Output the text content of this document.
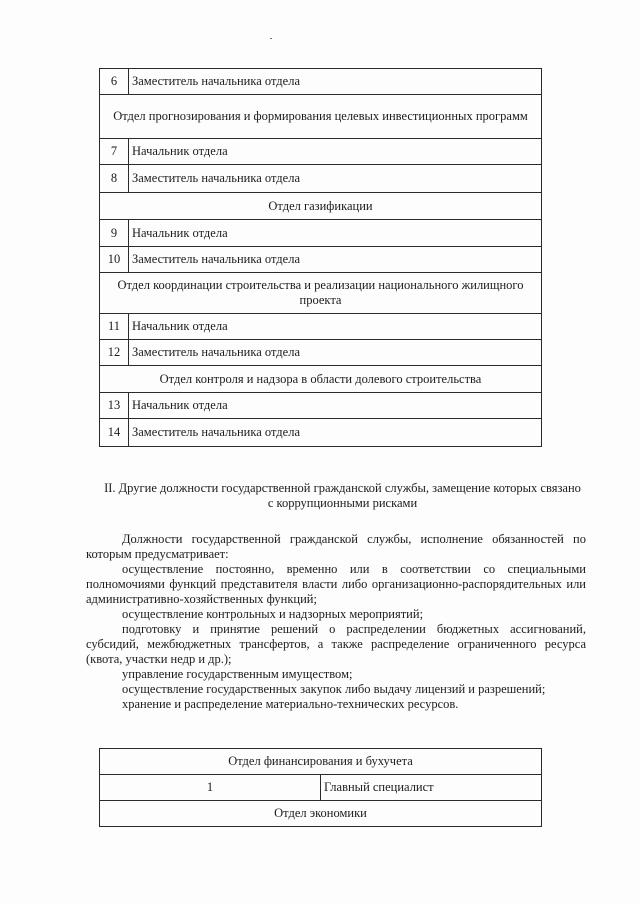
6	Заместитель начальника отдела
Отдел прогнозирования и формирования целевых инвестиционных программ	
7	Начальник отдела
8	Заместитель начальника отдела
Отдел газификации	
9	Начальник отдела
10	Заместитель начальника отдела
Отдел координации строительства и реализации национального жилищного проекта	
11	Начальник отдела
12	Заместитель начальника отдела
Отдел контроля и надзора в области долевого строительства	
13	Начальник отдела
14	Заместитель начальника отдела
II. Другие должности государственной гражданской службы, замещение которых связано с коррупционными рисками

Должности государственной гражданской службы, исполнение обязанностей по которым предусматривает:

осуществление постоянно, временно или в соответствии со специальными полномочиями функций представителя власти либо организационно-распорядительных или административно-хозяйственных функций;

осуществление контрольных и надзорных мероприятий;

подготовку и принятие решений о распределении бюджетных ассигнований, субсидий, межбюджетных трансфертов, а также распределение ограниченного ресурса (квота, участки недр и др.);

управление государственным имуществом;

осуществление государственных закупок либо выдачу лицензий и разрешений;

хранение и распределение материально-технических ресурсов.

Отдел финансирования и бухучета
1	Главный специалист
Отдел экономики
